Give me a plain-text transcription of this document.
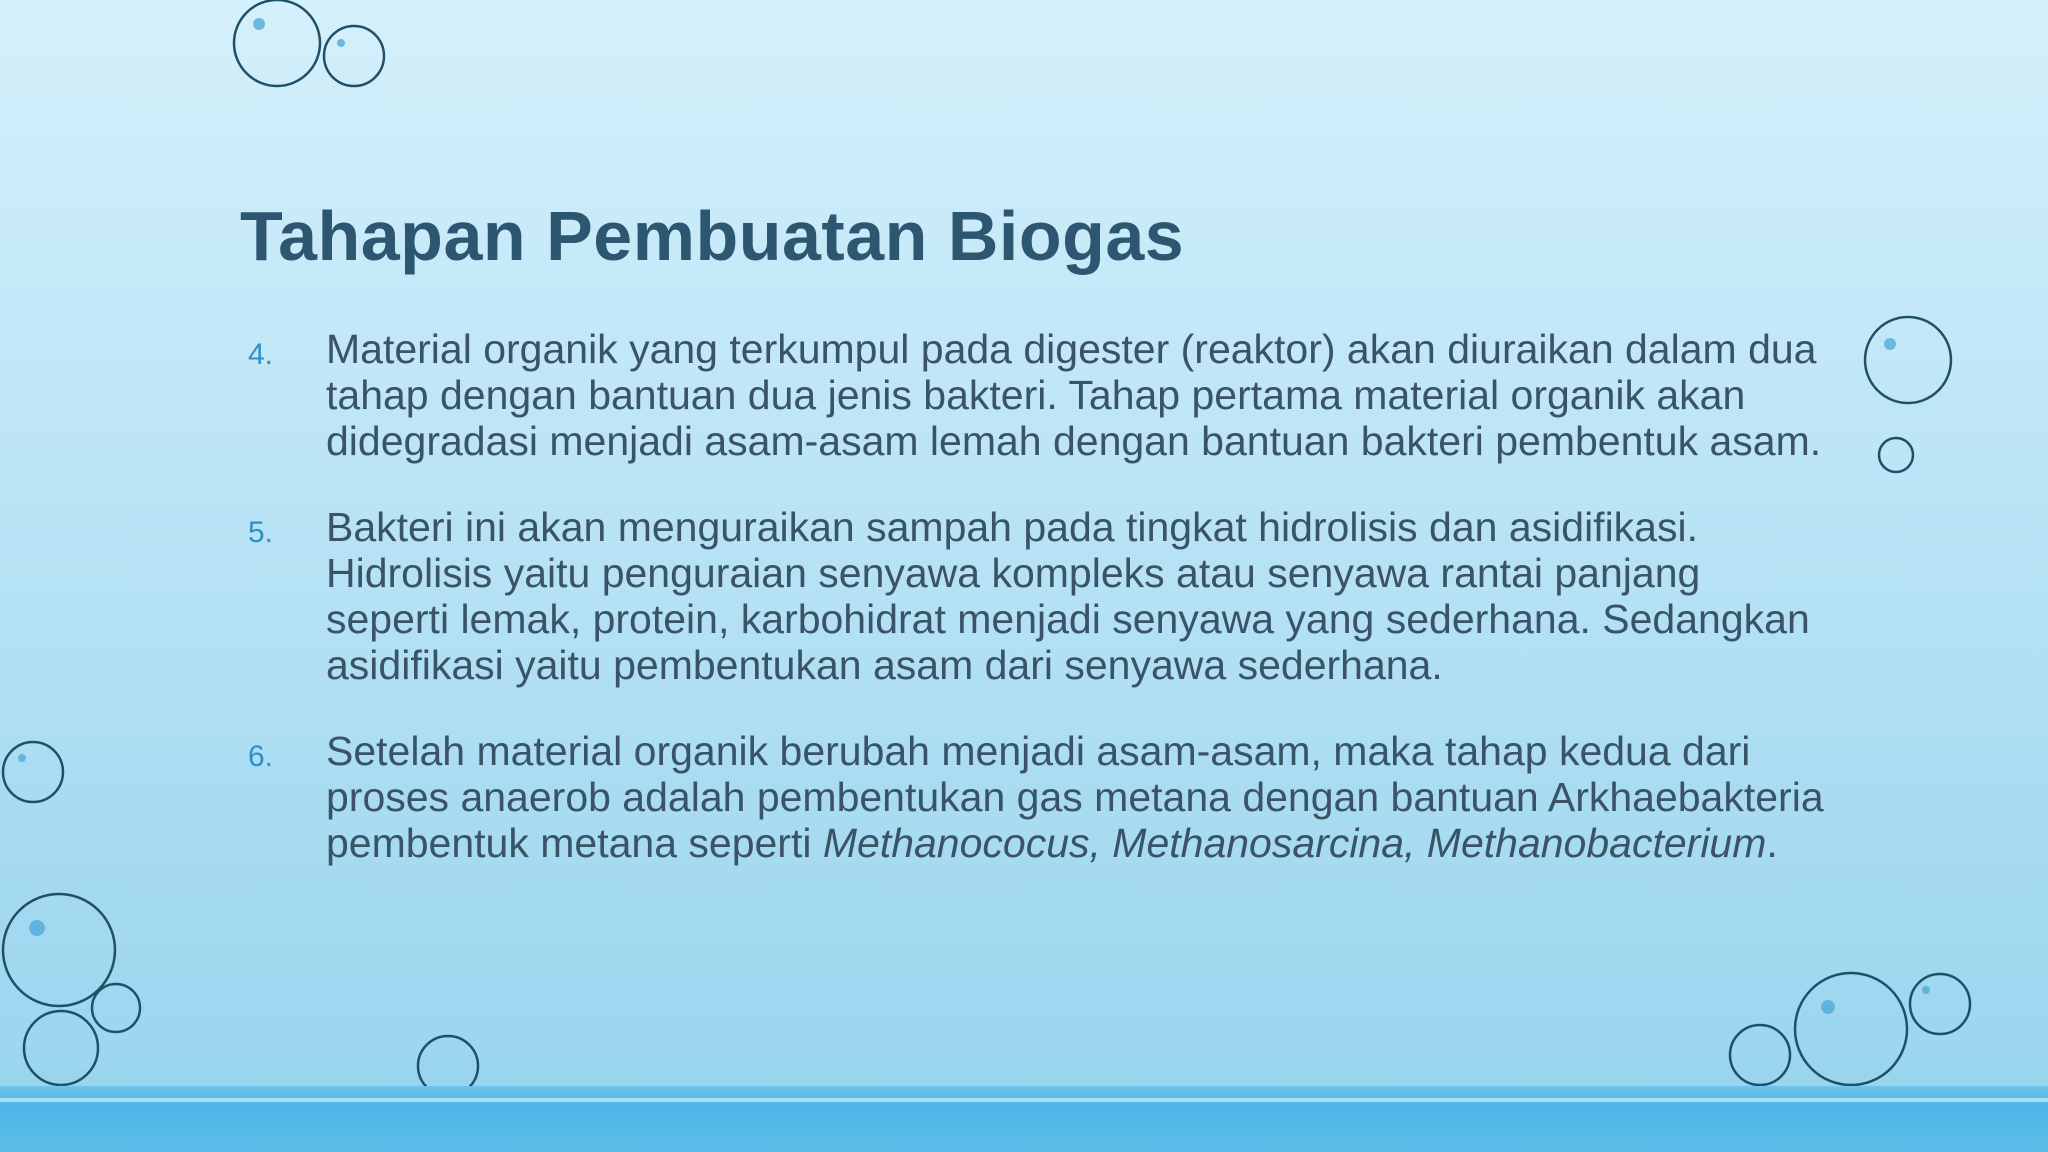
Tahapan Pembuatan Biogas
4.	Material organik yang terkumpul pada digester (reaktor) akan diuraikan dalam dua tahap dengan bantuan dua jenis bakteri. Tahap pertama material organik akan didegradasi menjadi asam-asam lemah dengan bantuan bakteri pembentuk asam.
5.	Bakteri ini akan menguraikan sampah pada tingkat hidrolisis dan asidifikasi. Hidrolisis yaitu penguraian senyawa kompleks atau senyawa rantai panjang seperti lemak, protein, karbohidrat menjadi senyawa yang sederhana. Sedangkan asidifikasi yaitu pembentukan asam dari senyawa sederhana.
6.	Setelah material organik berubah menjadi asam-asam, maka tahap kedua dari proses anaerob adalah pembentukan gas metana dengan bantuan Arkhaebakteria pembentuk metana seperti Methanococus, Methanosarcina, Methanobacterium.
